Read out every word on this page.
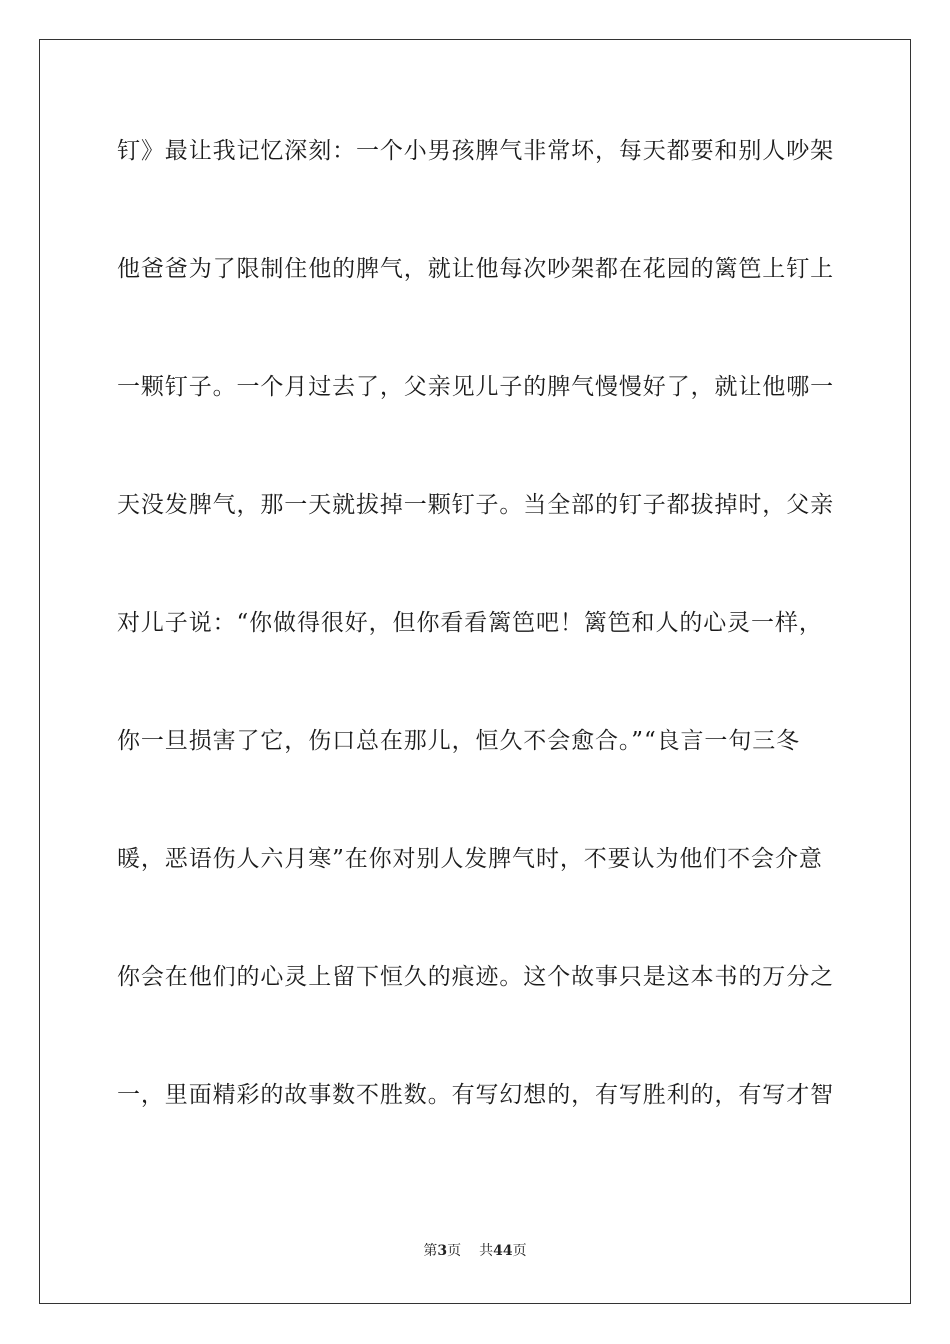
钉》最让我记忆深刻：一个小男孩脾气非常坏，每天都要和别人吵架
他爸爸为了限制住他的脾气，就让他每次吵架都在花园的篱笆上钉上
一颗钉子。一个月过去了，父亲见儿子的脾气慢慢好了，就让他哪一
天没发脾气，那一天就拔掉一颗钉子。当全部的钉子都拔掉时，父亲
对儿子说：“你做得很好，但你看看篱笆吧！篱笆和人的心灵一样，
你一旦损害了它，伤口总在那儿，恒久不会愈合。”“良言一句三冬
暖，恶语伤人六月寒”在你对别人发脾气时，不要认为他们不会介意
你会在他们的心灵上留下恒久的痕迹。这个故事只是这本书的万分之
一，里面精彩的故事数不胜数。有写幻想的，有写胜利的，有写才智
第3页 共44页
